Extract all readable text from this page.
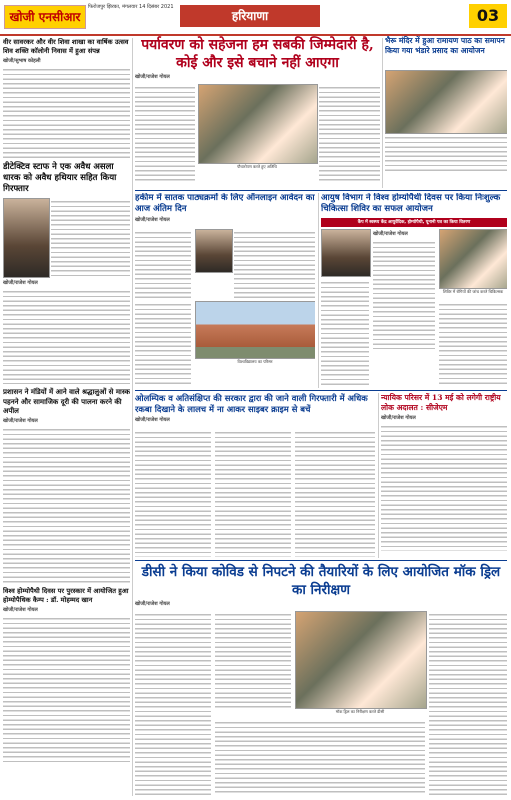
खोजी एनसीआर
फिरोजपुर झिरका, मंगलवार 14 दिसंबर 2021
हरियाणा	03
वीर सावरकर और वीर शिवा शाखा का वार्षिक उत्सव शिव शक्ति कॉलोनी निवास में हुआ संपन्न
खोजी/सुभाष कोहली
डीटेक्टिव स्टाफ ने एक अवैध असला धारक को अवैध हथियार सहित किया गिरफ्तार
खोजी/राजेश गोयल
प्रशासन ने मंडियों में आने वाले श्रद्धालुओं से मास्क पहनने और सामाजिक दूरी की पालना करने की अपील
खोजी/राजेश गोयल
विश्व होम्योपैथी दिवस पर पुरस्कार में आयोजित हुआ होम्योपैथिक कैम्प : डॉ. मोहम्मद खान
खोजी/राजेश गोयल
पर्यावरण को सहेजना हम सबकी जिम्मेदारी है, कोई और इसे बचाने नहीं आएगा
खोजी/राजेश गोयल
पौधारोपण करते हुए अतिथि
भैरू मंदिर में हुआ रामायण पाठ का समापन किया गया भंडारे प्रसाद का आयोजन
हकीम में सातक पाठ्यक्रमों के लिए ऑनलाइन आवेदन का आज अंतिम दिन
खोजी/राजेश गोयल
विश्वविद्यालय का परिसर
आयुष विभाग ने विश्व होम्योपैथी दिवस पर किया निःशुल्क चिकित्सा शिविर का सफल आयोजन
कैंप में स्वस्थ्य केंद्र आयुर्वेदिक, होम्योपैथी, यूनानी पत्र का किया वितरण
खोजी/राजेश गोयल
शिविर में रोगियों की जांच करते चिकित्सक
ओलम्पिक व अतिसंक्षिप्त की सरकार द्वारा की जाने वाली गिरफ्तारी में अधिक रकबा दिखाने के लालच में ना आकर साइबर क्राइम से बचें
खोजी/राजेश गोयल
न्यायिक परिसर में 13 मई को लगेगी राष्ट्रीय लोक अदालत : सीजेएम
खोजी/राजेश गोयल
डीसी ने किया कोविड से निपटने की तैयारियों के लिए आयोजित मॉक ड्रिल का निरीक्षण
खोजी/राजेश गोयल
मॉक ड्रिल का निरीक्षण करते डीसी
